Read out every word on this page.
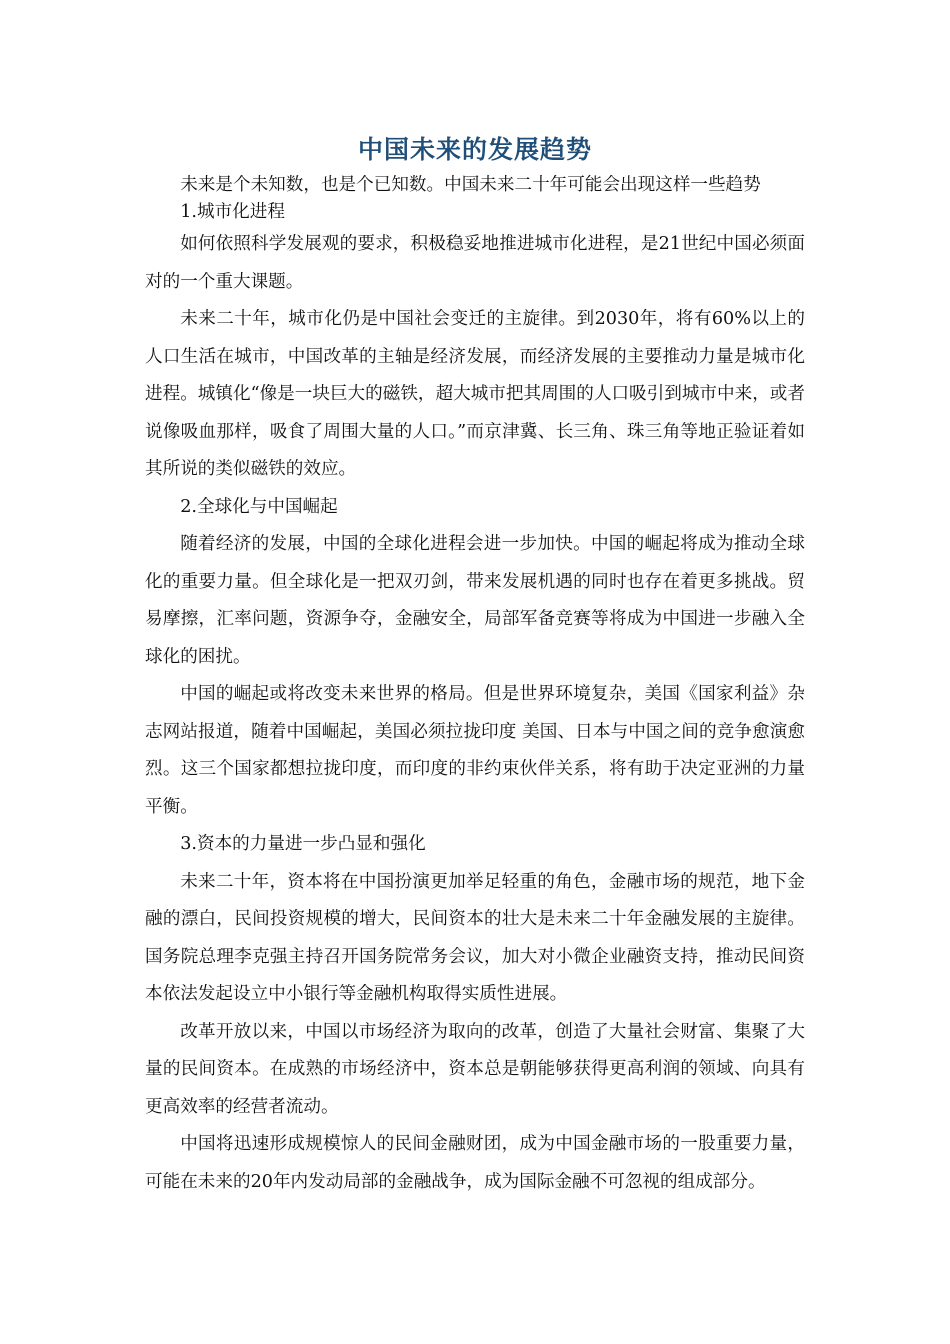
中国未来的发展趋势

未来是个未知数，也是个已知数。中国未来二十年可能会出现这样一些趋势

1.城市化进程

如何依照科学发展观的要求，积极稳妥地推进城市化进程，是21世纪中国必须面对的一个重大课题。

未来二十年，城市化仍是中国社会变迁的主旋律。到2030年，将有60%以上的人口生活在城市，中国改革的主轴是经济发展，而经济发展的主要推动力量是城市化进程。城镇化“像是一块巨大的磁铁，超大城市把其周围的人口吸引到城市中来，或者说像吸血那样，吸食了周围大量的人口。”而京津冀、长三角、珠三角等地正验证着如其所说的类似磁铁的效应。

2.全球化与中国崛起

随着经济的发展，中国的全球化进程会进一步加快。中国的崛起将成为推动全球化的重要力量。但全球化是一把双刃剑，带来发展机遇的同时也存在着更多挑战。贸易摩擦，汇率问题，资源争夺，金融安全，局部军备竞赛等将成为中国进一步融入全球化的困扰。

中国的崛起或将改变未来世界的格局。但是世界环境复杂，美国《国家利益》杂志网站报道，随着中国崛起，美国必须拉拢印度 美国、日本与中国之间的竞争愈演愈烈。这三个国家都想拉拢印度，而印度的非约束伙伴关系，将有助于决定亚洲的力量平衡。

3.资本的力量进一步凸显和强化

未来二十年，资本将在中国扮演更加举足轻重的角色，金融市场的规范，地下金融的漂白，民间投资规模的增大，民间资本的壮大是未来二十年金融发展的主旋律。国务院总理李克强主持召开国务院常务会议，加大对小微企业融资支持，推动民间资本依法发起设立中小银行等金融机构取得实质性进展。

改革开放以来，中国以市场经济为取向的改革，创造了大量社会财富、集聚了大量的民间资本。在成熟的市场经济中，资本总是朝能够获得更高利润的领域、向具有更高效率的经营者流动。

中国将迅速形成规模惊人的民间金融财团，成为中国金融市场的一股重要力量，可能在未来的20年内发动局部的金融战争，成为国际金融不可忽视的组成部分。
